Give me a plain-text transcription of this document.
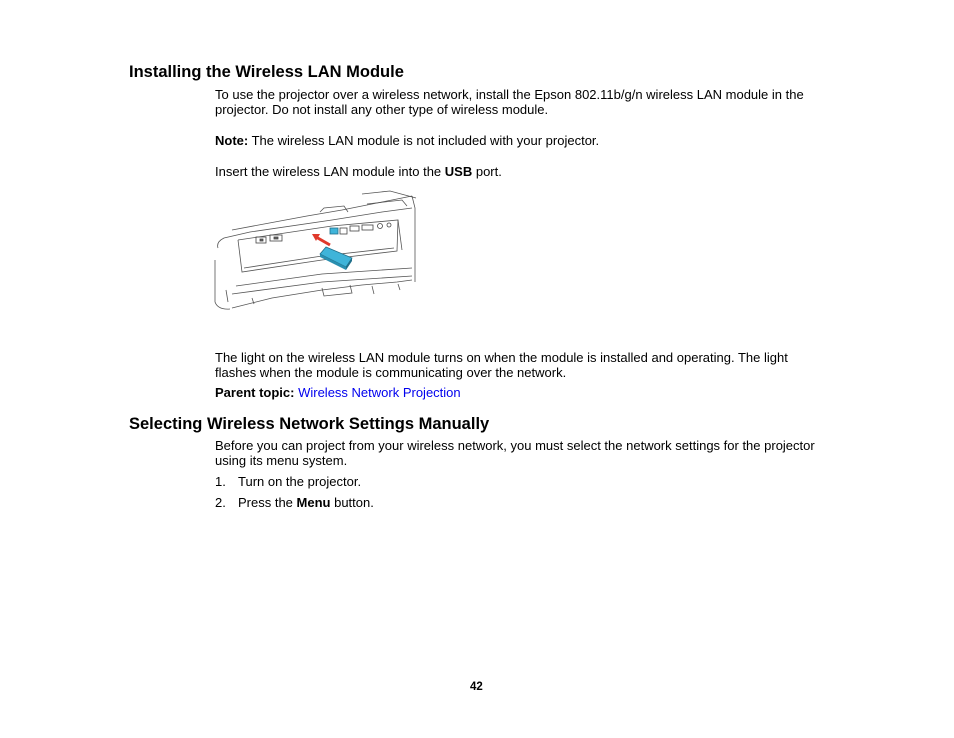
Installing the Wireless LAN Module
To use the projector over a wireless network, install the Epson 802.11b/g/n wireless LAN module in the projector. Do not install any other type of wireless module.
Note: The wireless LAN module is not included with your projector.
Insert the wireless LAN module into the USB port.
The light on the wireless LAN module turns on when the module is installed and operating. The light flashes when the module is communicating over the network.
Parent topic: Wireless Network Projection
Selecting Wireless Network Settings Manually
Before you can project from your wireless network, you must select the network settings for the projector using its menu system.
1. Turn on the projector.
2. Press the Menu button.
42
